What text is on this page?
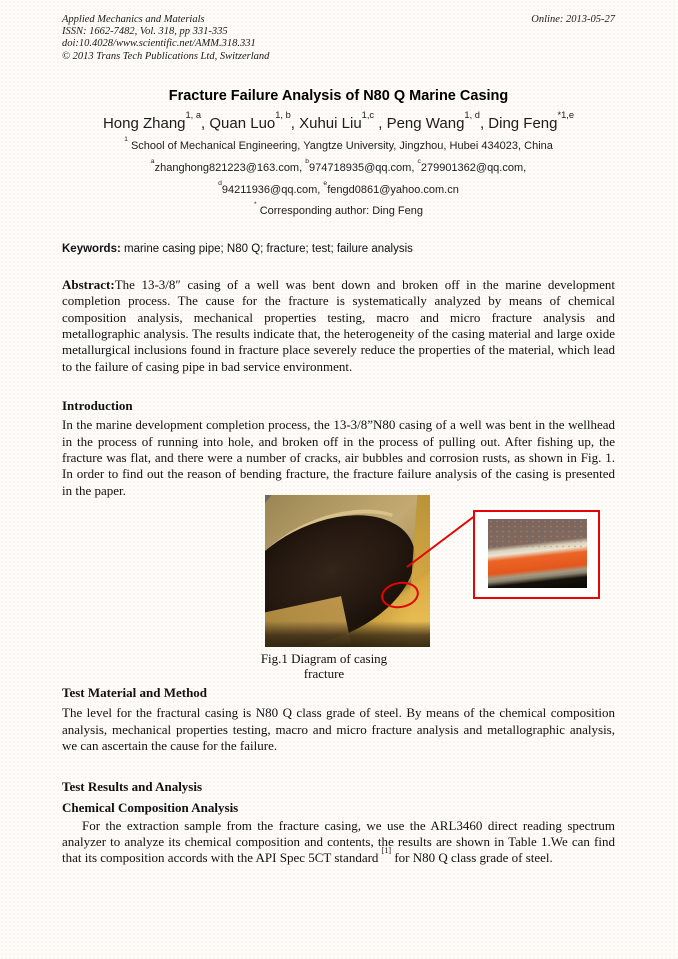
Applied Mechanics and Materials
ISSN: 1662-7482, Vol. 318, pp 331-335
doi:10.4028/www.scientific.net/AMM.318.331
© 2013 Trans Tech Publications Ltd, Switzerland
Online: 2013-05-27
Fracture Failure Analysis of N80 Q Marine Casing
Hong Zhang$^{1, a}$, Quan Luo$^{1, b}$, Xuhui Liu$^{1,c}$ , Peng Wang$^{1, d}$, Ding Feng$^{*1,e}$
$^1$ School of Mechanical Engineering, Yangtze University, Jingzhou, Hubei 434023, China
$^a$zhanghong821223@163.com, $^b$974718935@qq.com, $^c$279901362@qq.com,
$^d$94211936@qq.com, $^e$fengd0861@yahoo.com.cn
* Corresponding author: Ding Feng
Keywords: marine casing pipe; N80 Q; fracture; test; failure analysis

Abstract:The 13-3/8″ casing of a well was bent down and broken off in the marine development completion process. The cause for the fracture is systematically analyzed by means of chemical composition analysis, mechanical properties testing, macro and micro fracture analysis and metallographic analysis. The results indicate that, the heterogeneity of the casing material and large oxide metallurgical inclusions found in fracture place severely reduce the properties of the material, which lead to the failure of casing pipe in bad service environment.

Introduction

In the marine development completion process, the 13-3/8”N80 casing of a well was bent in the wellhead in the process of running into hole, and broken off in the process of pulling out. After fishing up, the fracture was flat, and there were a number of cracks, air bubbles and corrosion rusts, as shown in Fig. 1. In order to find out the reason of bending fracture, the fracture failure analysis of the casing is presented in the paper.

Fig.1 Diagram of casing fracture

Test Material and Method

The level for the fractural casing is N80 Q class grade of steel. By means of the chemical composition analysis, mechanical properties testing, macro and micro fracture analysis and metallographic analysis, we can ascertain the cause for the failure.

Test Results and Analysis

Chemical Composition Analysis

For the extraction sample from the fracture casing, we use the ARL3460 direct reading spectrum analyzer to analyze its chemical composition and contents, the results are shown in Table 1.We can find that its composition accords with the API Spec 5CT standard [1] for N80 Q class grade of steel.
